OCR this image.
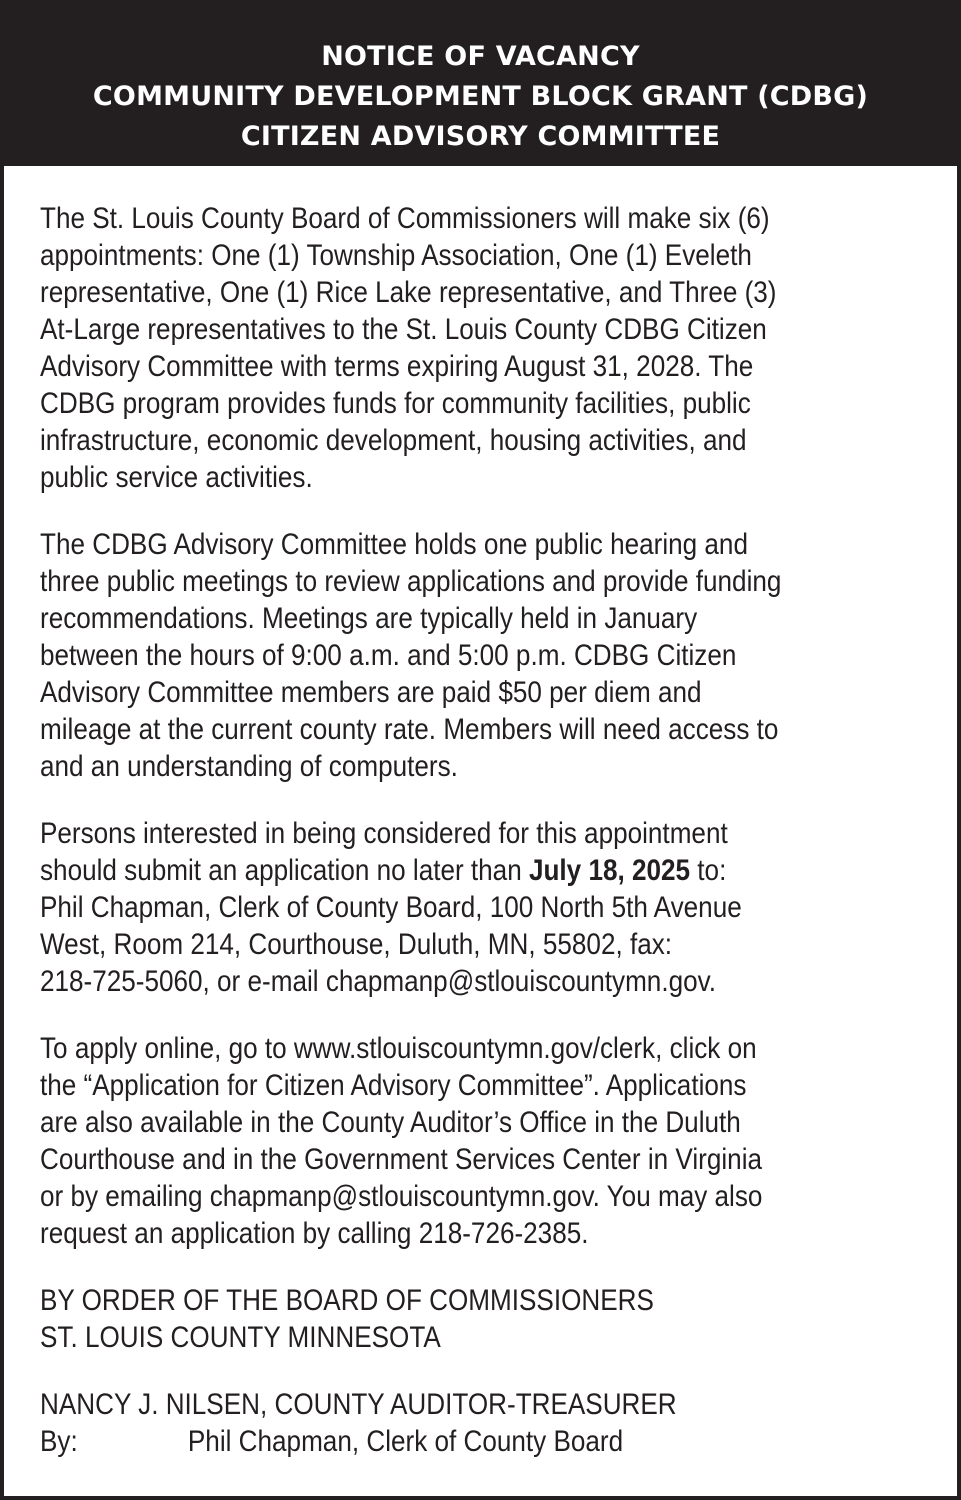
NOTICE OF VACANCY
COMMUNITY DEVELOPMENT BLOCK GRANT (CDBG)
CITIZEN ADVISORY COMMITTEE
The St. Louis County Board of Commissioners will make six (6)
appointments: One (1) Township Association, One (1) Eveleth
representative, One (1) Rice Lake representative, and Three (3)
At-Large representatives to the St. Louis County CDBG Citizen
Advisory Committee with terms expiring August 31, 2028. The
CDBG program provides funds for community facilities, public
infrastructure, economic development, housing activities, and
public service activities.
The CDBG Advisory Committee holds one public hearing and
three public meetings to review applications and provide funding
recommendations. Meetings are typically held in January
between the hours of 9:00 a.m. and 5:00 p.m. CDBG Citizen
Advisory Committee members are paid $50 per diem and
mileage at the current county rate. Members will need access to
and an understanding of computers.
Persons interested in being considered for this appointment
should submit an application no later than July 18, 2025 to:
Phil Chapman, Clerk of County Board, 100 North 5th Avenue
West, Room 214, Courthouse, Duluth, MN, 55802, fax:
218-725-5060, or e-mail chapmanp@stlouiscountymn.gov.
To apply online, go to www.stlouiscountymn.gov/clerk, click on
the “Application for Citizen Advisory Committee”. Applications
are also available in the County Auditor’s Office in the Duluth
Courthouse and in the Government Services Center in Virginia
or by emailing chapmanp@stlouiscountymn.gov. You may also
request an application by calling 218-726-2385.
BY ORDER OF THE BOARD OF COMMISSIONERS
ST. LOUIS COUNTY MINNESOTA
NANCY J. NILSEN, COUNTY AUDITOR-TREASURER
By:	Phil Chapman, Clerk of County Board
